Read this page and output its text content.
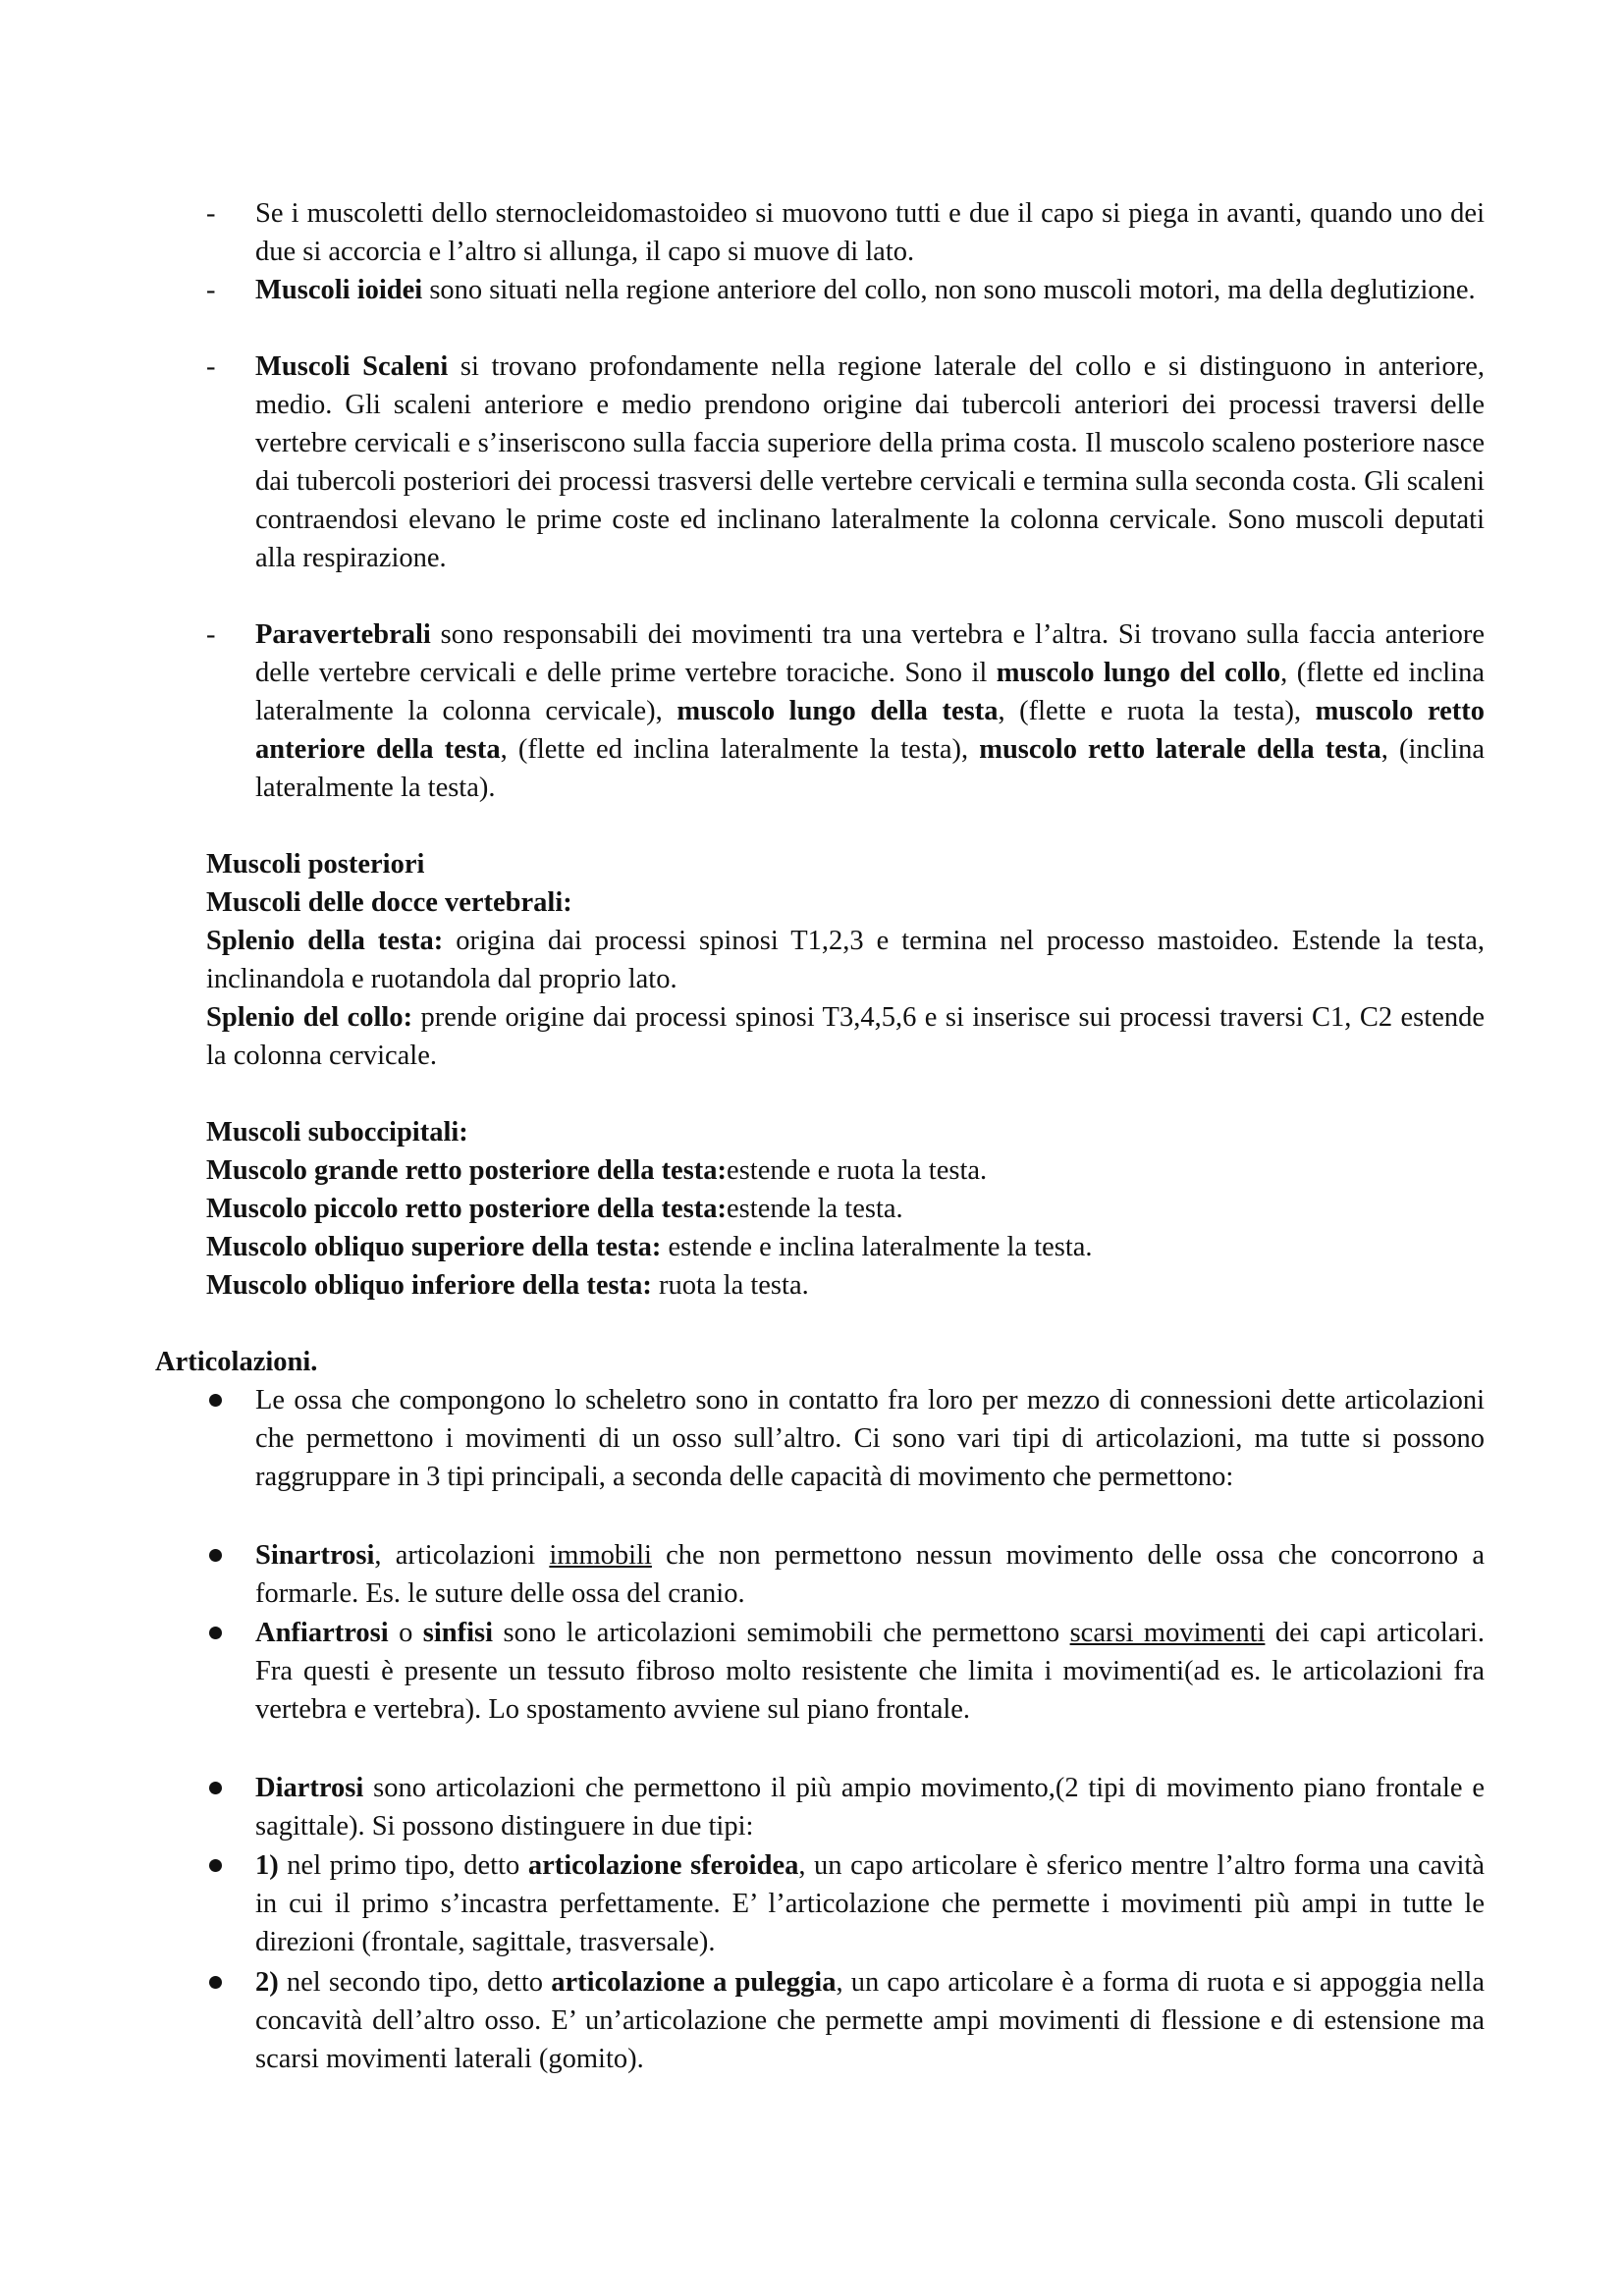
- Se i muscoletti dello sternocleidomastoideo si muovono tutti e due il capo si piega in avanti, quando uno dei due si accorcia e l’altro si allunga, il capo si muove di lato.

- Muscoli ioidei sono situati nella regione anteriore del collo, non sono muscoli motori, ma della deglutizione.

- Muscoli Scaleni si trovano profondamente nella regione laterale del collo e si distinguono in anteriore, medio. Gli scaleni anteriore e medio prendono origine dai tubercoli anteriori dei processi traversi delle vertebre cervicali e s’inseriscono sulla faccia superiore della prima costa. Il muscolo scaleno posteriore nasce dai tubercoli posteriori dei processi trasversi delle vertebre cervicali e termina sulla seconda costa. Gli scaleni contraendosi elevano le prime coste ed inclinano lateralmente la colonna cervicale. Sono muscoli deputati alla respirazione.

- Paravertebrali sono responsabili dei movimenti tra una vertebra e l’altra. Si trovano sulla faccia anteriore delle vertebre cervicali e delle prime vertebre toraciche. Sono il muscolo lungo del collo, (flette ed inclina lateralmente la colonna cervicale), muscolo lungo della testa, (flette e ruota la testa), muscolo retto anteriore della testa, (flette ed inclina lateralmente la testa), muscolo retto laterale della testa, (inclina lateralmente la testa).

Muscoli posteriori

Muscoli delle docce vertebrali:

Splenio della testa: origina dai processi spinosi T1,2,3 e termina nel processo mastoideo. Estende la testa, inclinandola e ruotandola dal proprio lato.

Splenio del collo: prende origine dai processi spinosi T3,4,5,6 e si inserisce sui processi traversi C1, C2 estende la colonna cervicale.

Muscoli suboccipitali:

Muscolo grande retto posteriore della testa:estende e ruota la testa.

Muscolo piccolo retto posteriore della testa:estende la testa.

Muscolo obliquo superiore della testa: estende e inclina lateralmente la testa.

Muscolo obliquo inferiore della testa: ruota la testa.

Articolazioni.

Le ossa che compongono lo scheletro sono in contatto fra loro per mezzo di connessioni dette articolazioni che permettono i movimenti di un osso sull’altro. Ci sono vari tipi di articolazioni, ma tutte si possono raggruppare in 3 tipi principali, a seconda delle capacità di movimento che permettono:

Sinartrosi, articolazioni immobili che non permettono nessun movimento delle ossa che concorrono a formarle. Es. le suture delle ossa del cranio.

Anfiartrosi o sinfisi sono le articolazioni semimobili che permettono scarsi movimenti dei capi articolari. Fra questi è presente un tessuto fibroso molto resistente che limita i movimenti(ad es. le articolazioni fra vertebra e vertebra). Lo spostamento avviene sul piano frontale.

Diartrosi sono articolazioni che permettono il più ampio movimento,(2 tipi di movimento piano frontale e sagittale). Si possono distinguere in due tipi:

1) nel primo tipo, detto articolazione sferoidea, un capo articolare è sferico mentre l’altro forma una cavità in cui il primo s’incastra perfettamente. E’ l’articolazione che permette i movimenti più ampi in tutte le direzioni (frontale, sagittale, trasversale).

2) nel secondo tipo, detto articolazione a puleggia, un capo articolare è a forma di ruota e si appoggia nella concavità dell’altro osso. E’ un’articolazione che permette ampi movimenti di flessione e di estensione ma scarsi movimenti laterali (gomito).
